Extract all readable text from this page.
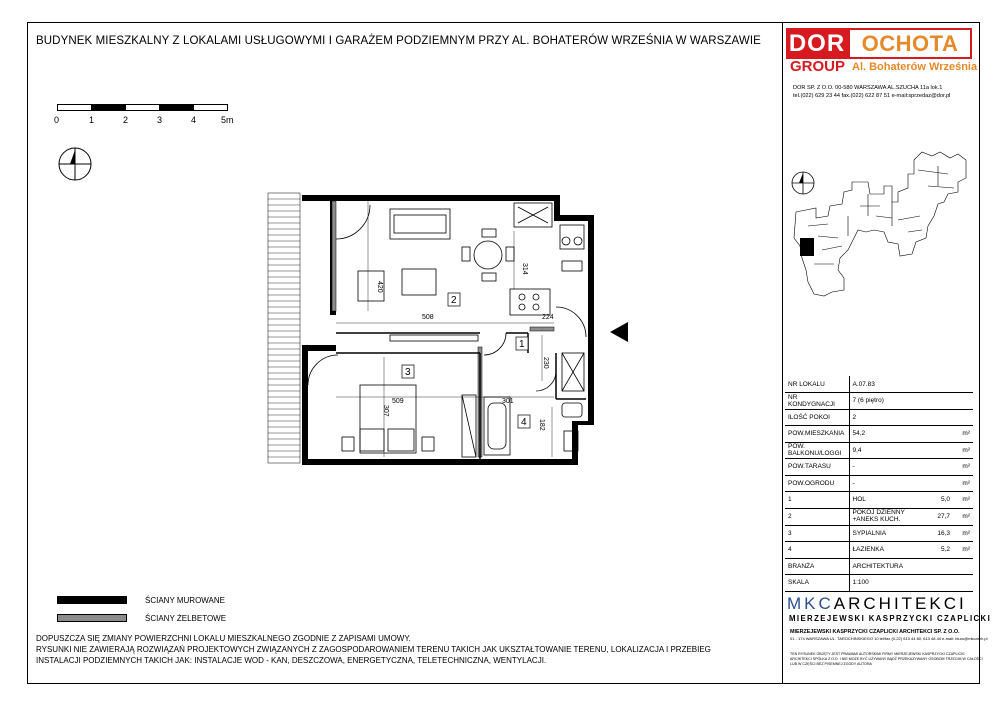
BUDYNEK MIESZKALNY Z LOKALAMI USŁUGOWYMI I GARAŻEM PODZIEMNYM PRZY AL. BOHATERÓW WRZEŚNIA W WARSZAWIE
0	1	2	3	4	5m
508	224
314
420
230
307
509	301
182
2
1
3
4
DOR OCHOTA
GROUP Al. Bohaterów Września
DOR SP. Z O.O. 00-580 WARSZAWA AL.SZUCHA 11a lok.1
tel.(022) 629 23 44 fax.(022) 622 87 51 e-mail:sprzedaz@dor.pl
NR LOKALU	A.07.83	
NR KONDYGNACJI	7 (6 piętro)	
ILOŚĆ POKOI	2	
POW.MIESZKANIA	54,2	m²
POW. BALKONU/LOGGI	9,4	m²
POW.TARASU	-	m²
POW.OGRODU	-	m²
1	HOL 5,0	m²
2	POKÓJ DZIENNY +ANEKS KUCH. 27,7	m²
3	SYPIALNIA 16,3	m²
4	ŁAZIENKA 5,2	m²
BRANŻA	ARCHITEKTURA	
SKALA	1:100	
MKCARCHITEKCI
MIERZEJEWSKI KASPRZYCKI CZAPLICKI
MIERZEJEWSKI KASPRZYCKI CZAPLICKI ARCHITEKCI SP. Z O.O.
01 - 174 WARSZAWA UL. TAROCHINSKIEGO 10 tel/fax (0-22) 613 44 80, 613 48 44 e-mail: biuro@mkcarch.pl
TEN RYSUNEK OBJĘTY JEST PRAWAMI AUTORSKIMI FIRMY MIERZEJEWSKI KASPRZYCKI CZAPLICKI
ARCHITEKCI SPÓŁKA Z O.O. I NIE MOŻE BYĆ UŻYWANY BĄDŹ PRZEKAZYWANY OSOBOM TRZECIM W CAŁOŚCI
LUB W CZĘŚCI BEZ PISEMNEJ ZGODY AUTORA
ŚCIANY MUROWANE
ŚCIANY ŻELBETOWE
DOPUSZCZA SIĘ ZMIANY POWIERZCHNI LOKALU MIESZKALNEGO ZGODNIE Z ZAPISAMI UMOWY.
RYSUNKI NIE ZAWIERAJĄ ROZWIĄZAŃ PROJEKTOWYCH ZWIĄZANYCH Z ZAGOSPODAROWANIEM TERENU TAKICH JAK UKSZTAŁTOWANIE TERENU, LOKALIZACJA I PRZEBIEG
INSTALACJI PODZIEMNYCH TAKICH JAK: INSTALACJE WOD - KAN, DESZCZOWA, ENERGETYCZNA, TELETECHNICZNA, WENTYLACJI.
